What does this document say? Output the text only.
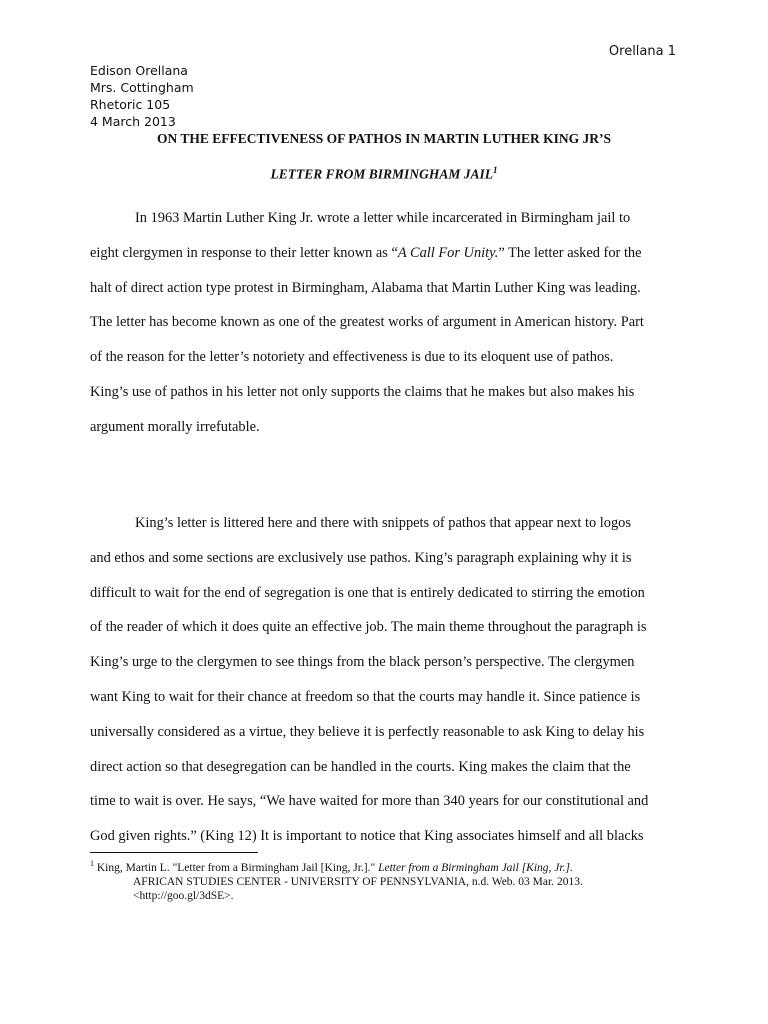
Orellana 1
Edison Orellana
Mrs. Cottingham
Rhetoric 105
4 March 2013
ON THE EFFECTIVENESS OF PATHOS IN MARTIN LUTHER KING JR’S
LETTER FROM BIRMINGHAM JAIL$^1$
In 1963 Martin Luther King Jr. wrote a letter while incarcerated in Birmingham jail to
eight clergymen in response to their letter known as “A Call For Unity.” The letter asked for the
halt of direct action type protest in Birmingham, Alabama that Martin Luther King was leading.
The letter has become known as one of the greatest works of argument in American history. Part
of the reason for the letter’s notoriety and effectiveness is due to its eloquent use of pathos.
King’s use of pathos in his letter not only supports the claims that he makes but also makes his
argument morally irrefutable.
King’s letter is littered here and there with snippets of pathos that appear next to logos
and ethos and some sections are exclusively use pathos. King’s paragraph explaining why it is
difficult to wait for the end of segregation is one that is entirely dedicated to stirring the emotion
of the reader of which it does quite an effective job. The main theme throughout the paragraph is
King’s urge to the clergymen to see things from the black person’s perspective. The clergymen
want King to wait for their chance at freedom so that the courts may handle it. Since patience is
universally considered as a virtue, they believe it is perfectly reasonable to ask King to delay his
direct action so that desegregation can be handled in the courts. King makes the claim that the
time to wait is over. He says, “We have waited for more than 340 years for our constitutional and
God given rights.” (King 12) It is important to notice that King associates himself and all blacks
$^1$ King, Martin L. "Letter from a Birmingham Jail [King, Jr.]." Letter from a Birmingham Jail [King, Jr.].
AFRICAN STUDIES CENTER - UNIVERSITY OF PENNSYLVANIA, n.d. Web. 03 Mar. 2013.
<http://goo.gl/3dSE>.
